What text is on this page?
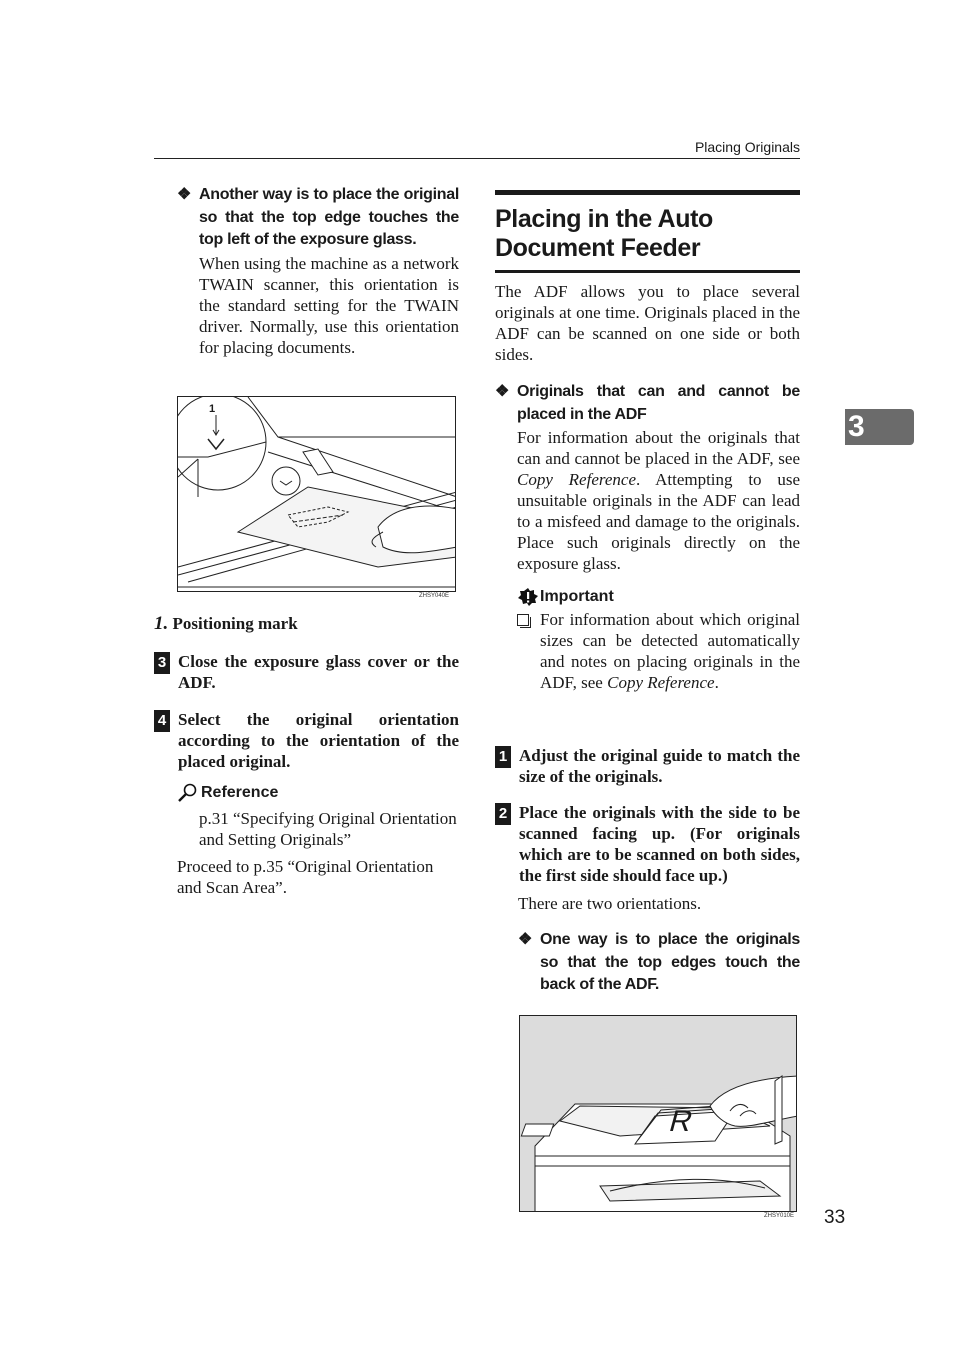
Placing Originals
3
❖ Another way is to place the original so that the top edge touches the top left of the exposure glass.
When using the machine as a network TWAIN scanner, this orientation is the standard setting for the TWAIN driver. Normally, use this orientation for placing documents.
1
ZHSY040E
1. Positioning mark
3 Close the exposure glass cover or the ADF.
4 Select the original orientation according to the orientation of the placed original.
Reference
p.31 “Specifying Original Orientation and Setting Originals”
Proceed to p.35 “Original Orientation and Scan Area”.
Placing in the Auto Document Feeder
The ADF allows you to place several originals at one time. Originals placed in the ADF can be scanned on one side or both sides.
❖ Originals that can and cannot be placed in the ADF
For information about the originals that can and cannot be placed in the ADF, see Copy Reference. Attempting to use unsuitable originals in the ADF can lead to a misfeed and damage to the originals. Place such originals directly on the exposure glass.
Important
For information about which original sizes can be detected automatically and notes on placing originals in the ADF, see Copy Reference.
1 Adjust the original guide to match the size of the originals.
2 Place the originals with the side to be scanned facing up. (For originals which are to be scanned on both sides, the first side should face up.)
There are two orientations.
❖ One way is to place the originals so that the top edges touch the back of the ADF.
R
ZHSY010E 33
